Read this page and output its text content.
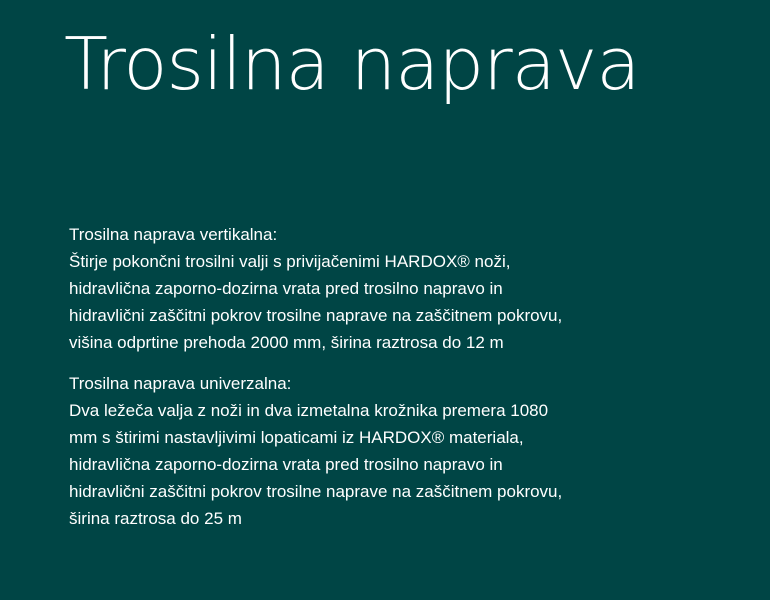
Trosilna naprava

Trosilna naprava vertikalna:

Štirje pokončni trosilni valji s privijačenimi HARDOX® noži, hidravlična zaporno-dozirna vrata pred trosilno napravo in hidravlični zaščitni pokrov trosilne naprave na zaščitnem pokrovu, višina odprtine prehoda 2000 mm, širina raztrosa do 12 m

Trosilna naprava univerzalna:

Dva ležeča valja z noži in dva izmetalna krožnika premera 1080 mm s štirimi nastavljivimi lopaticami iz HARDOX® materiala, hidravlična zaporno-dozirna vrata pred trosilno napravo in hidravlični zaščitni pokrov trosilne naprave na zaščitnem pokrovu, širina raztrosa do 25 m
